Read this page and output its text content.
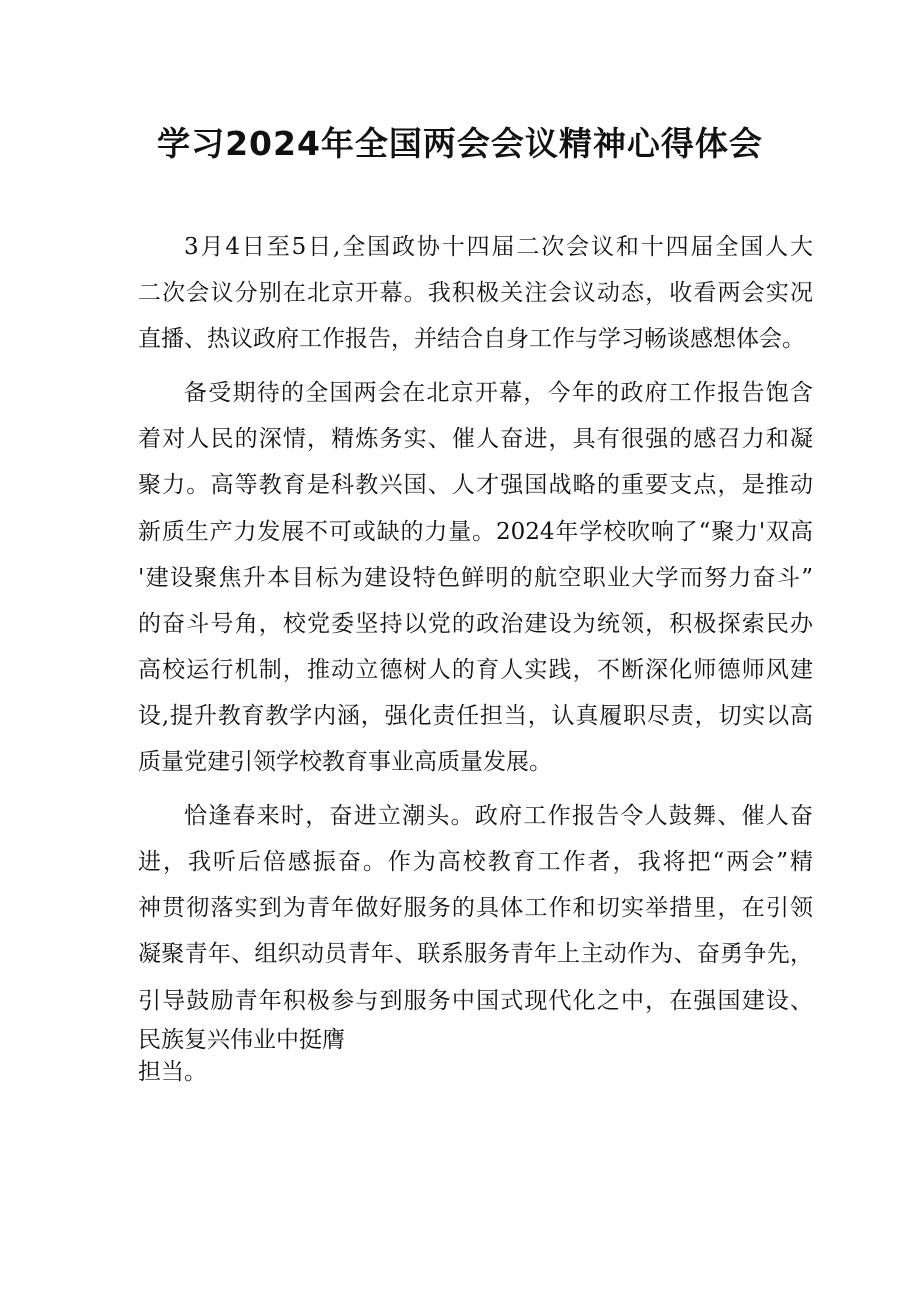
学习2024年全国两会会议精神心得体会
3月4日至5日,全国政协十四届二次会议和十四届全国人大
二次会议分别在北京开幕。我积极关注会议动态，收看两会实况
直播、热议政府工作报告，并结合自身工作与学习畅谈感想体会。
备受期待的全国两会在北京开幕，今年的政府工作报告饱含
着对人民的深情，精炼务实、催人奋进，具有很强的感召力和凝
聚力。高等教育是科教兴国、人才强国战略的重要支点，是推动
新质生产力发展不可或缺的力量。2024年学校吹响了“聚力'双高
'建设聚焦升本目标为建设特色鲜明的航空职业大学而努力奋斗”
的奋斗号角，校党委坚持以党的政治建设为统领，积极探索民办
高校运行机制，推动立德树人的育人实践，不断深化师德师风建
设,提升教育教学内涵，强化责任担当，认真履职尽责，切实以高
质量党建引领学校教育事业高质量发展。
恰逢春来时，奋进立潮头。政府工作报告令人鼓舞、催人奋
进，我听后倍感振奋。作为高校教育工作者，我将把“两会”精
神贯彻落实到为青年做好服务的具体工作和切实举措里，在引领
凝聚青年、组织动员青年、联系服务青年上主动作为、奋勇争先，
引导鼓励青年积极参与到服务中国式现代化之中，在强国建设、
民族复兴伟业中挺膺
担当。
